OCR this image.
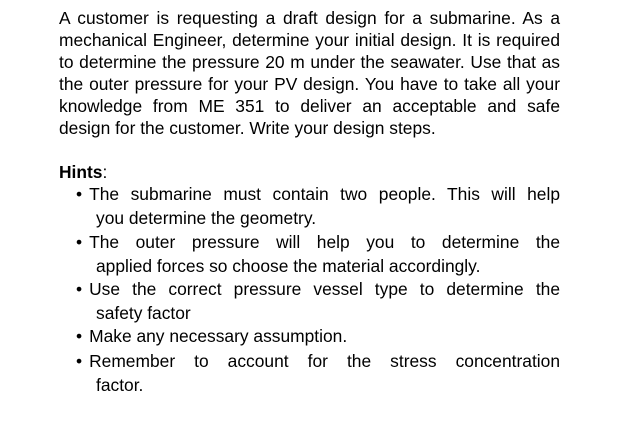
A customer is requesting a draft design for a submarine. As a mechanical Engineer, determine your initial design. It is required to determine the pressure 20 m under the seawater. Use that as the outer pressure for your PV design. You have to take all your knowledge from ME 351 to deliver an acceptable and safe design for the customer. Write your design steps.

Hints:
• The submarine must contain two people. This will help
you determine the geometry.
• The outer pressure will help you to determine the
applied forces so choose the material accordingly.
• Use the correct pressure vessel type to determine the
safety factor
• Make any necessary assumption.
• Remember to account for the stress concentration
factor.
